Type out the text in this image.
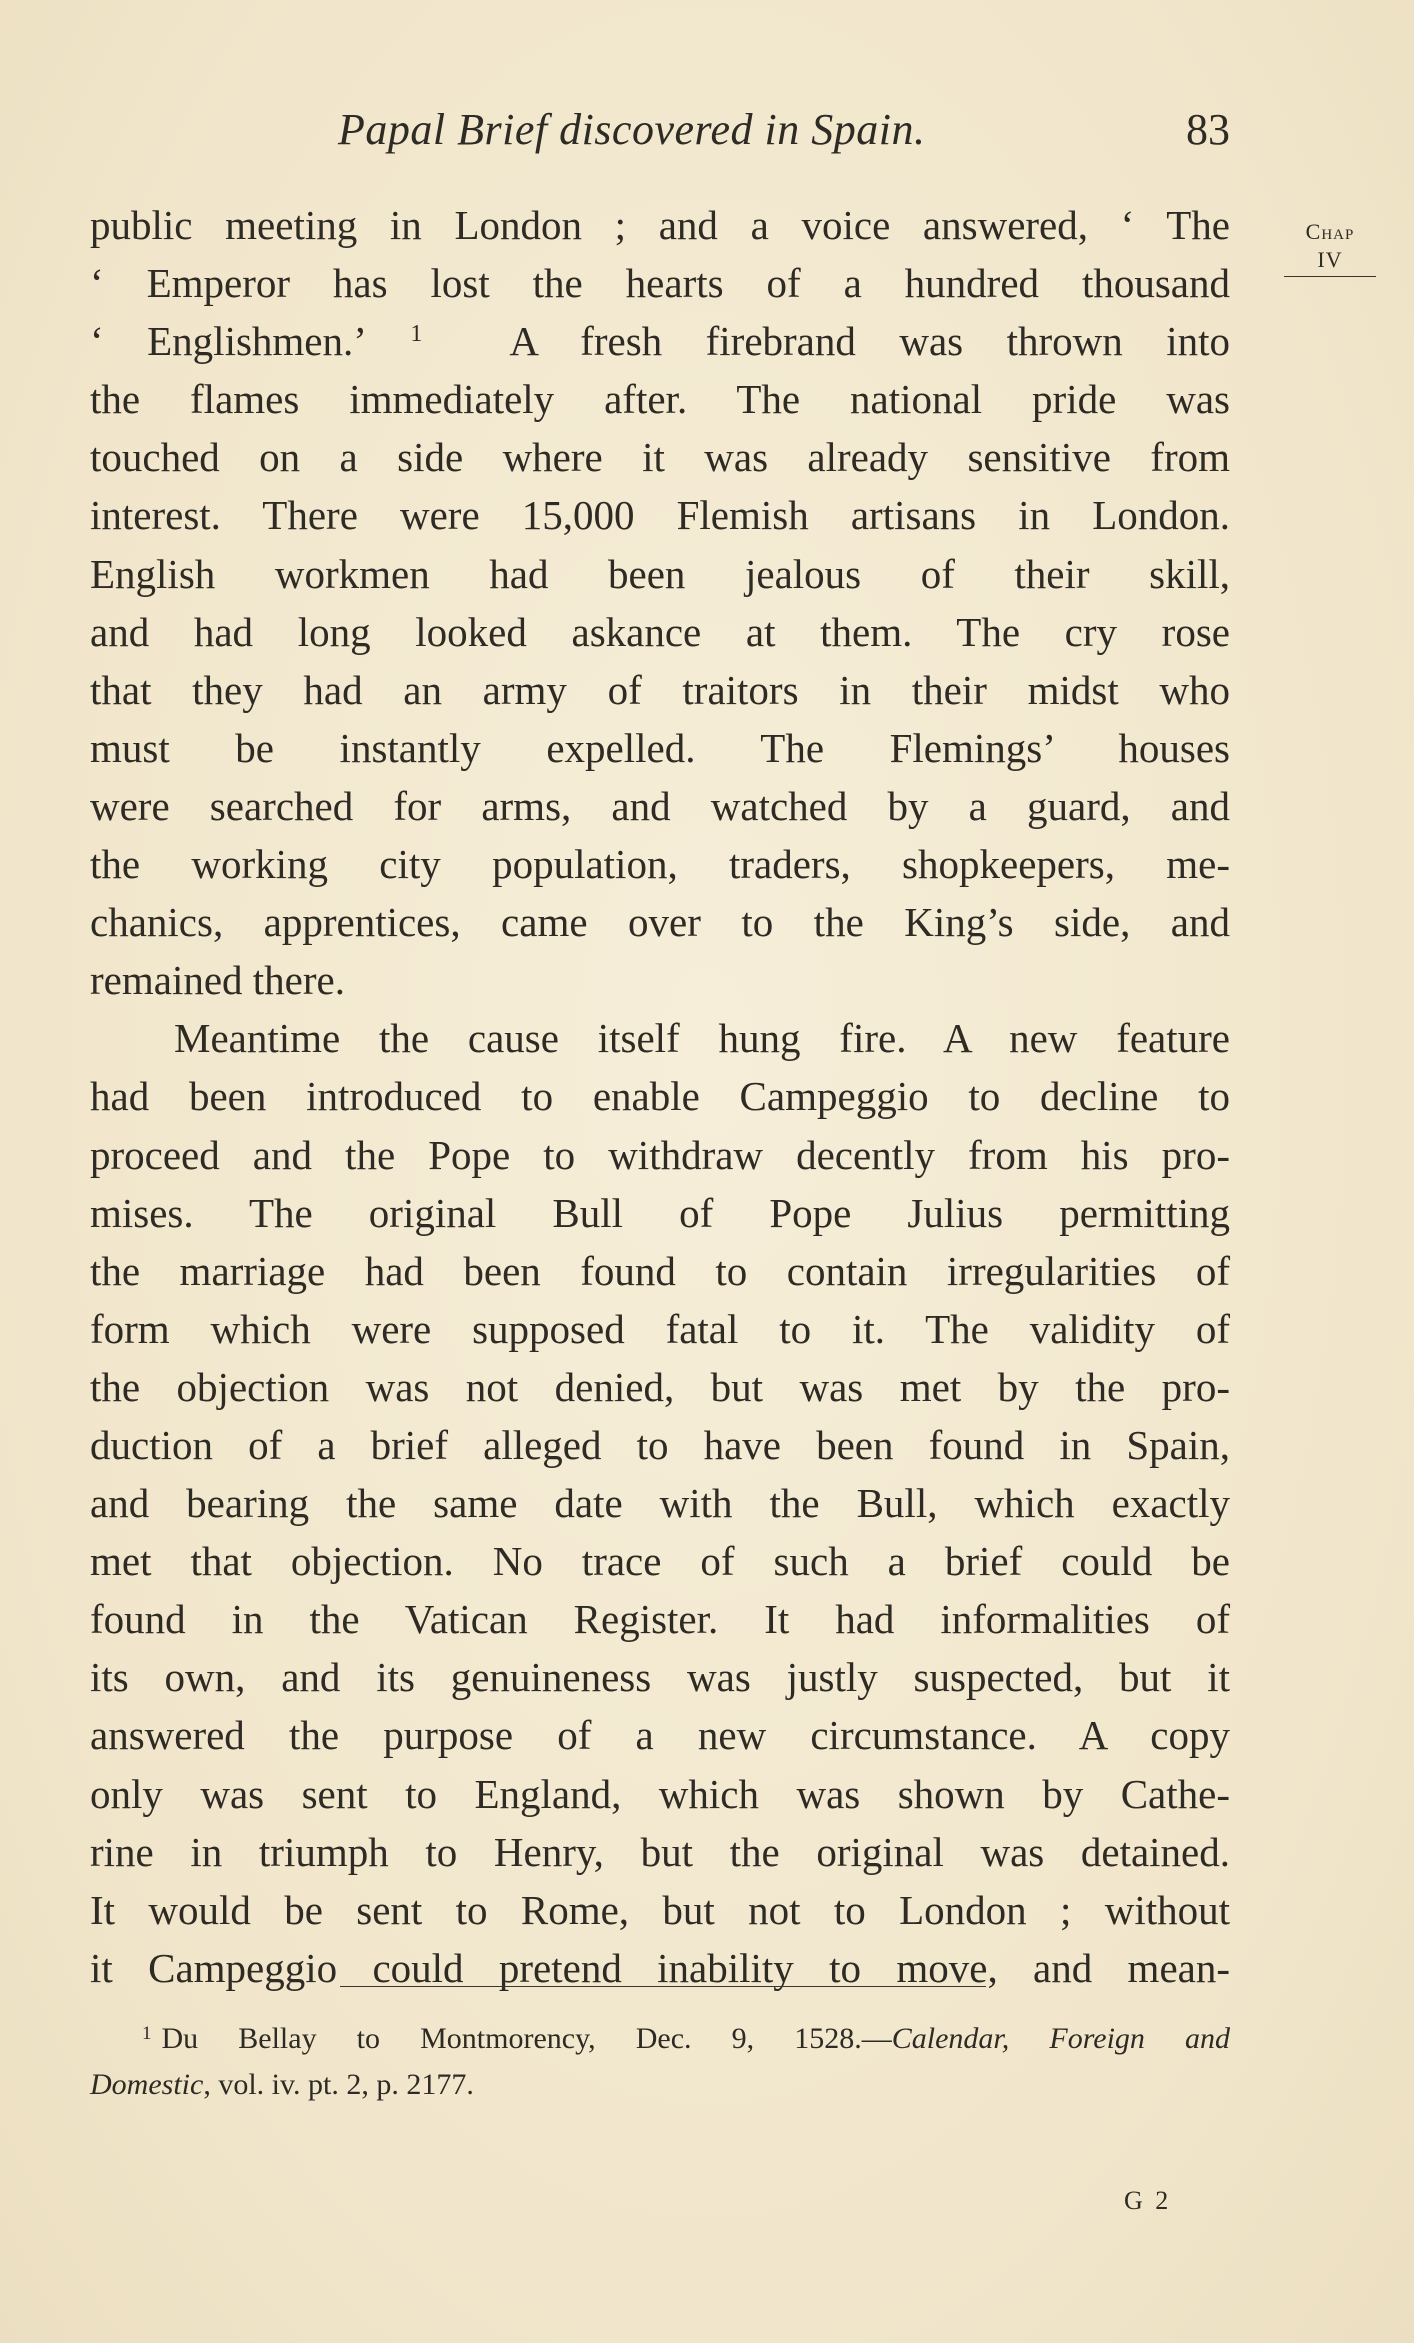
Papal Brief discovered in Spain.	83
Chap
IV
public meeting in London ; and a voice answered, ‘ The
‘ Emperor has lost the hearts of a hundred thousand
‘ Englishmen.’ $^1$ A fresh firebrand was thrown into
the flames immediately after. The national pride was
touched on a side where it was already sensitive from
interest. There were 15,000 Flemish artisans in London.
English workmen had been jealous of their skill,
and had long looked askance at them. The cry rose
that they had an army of traitors in their midst who
must be instantly expelled. The Flemings’ houses
were searched for arms, and watched by a guard, and
the working city population, traders, shopkeepers, me-
chanics, apprentices, came over to the King’s side, and
remained there.
Meantime the cause itself hung fire. A new feature
had been introduced to enable Campeggio to decline to
proceed and the Pope to withdraw decently from his pro-
mises. The original Bull of Pope Julius permitting
the marriage had been found to contain irregularities of
form which were supposed fatal to it. The validity of
the objection was not denied, but was met by the pro-
duction of a brief alleged to have been found in Spain,
and bearing the same date with the Bull, which exactly
met that objection. No trace of such a brief could be
found in the Vatican Register. It had informalities of
its own, and its genuineness was justly suspected, but it
answered the purpose of a new circumstance. A copy
only was sent to England, which was shown by Cathe-
rine in triumph to Henry, but the original was detained.
It would be sent to Rome, but not to London ; without
it Campeggio could pretend inability to move, and mean-
$^1$ Du Bellay to Montmorency, Dec. 9, 1528.—Calendar, Foreign and
Domestic, vol. iv. pt. 2, p. 2177.
G 2
